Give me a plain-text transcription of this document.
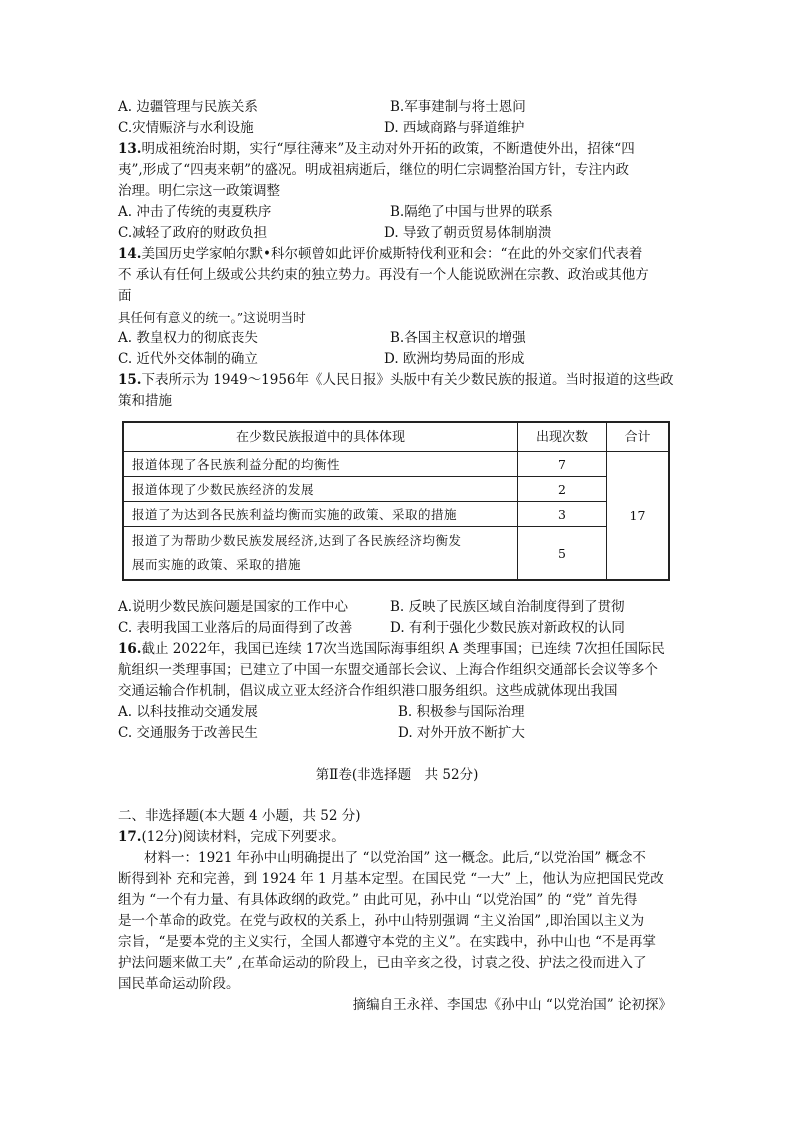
A. 边疆管理与民族关系	B.军事建制与将士恩问
C.灾情赈济与水利设施	D. 西域商路与驿道维护
13.明成祖统治时期，实行“厚往薄来”及主动对外开拓的政策，不断遣使外出，招徕“四
夷”,形成了“四夷来朝”的盛况。明成祖病逝后，继位的明仁宗调整治国方针，专注内政
治理。明仁宗这一政策调整
A. 冲击了传统的夷夏秩序	B.隔绝了中国与世界的联系
C.减轻了政府的财政负担	D. 导致了朝贡贸易体制崩溃
14.美国历史学家帕尔默•科尔顿曾如此评价威斯特伐利亚和会：“在此的外交家们代表着
不 承认有任何上级或公共约束的独立势力。再没有一个人能说欧洲在宗教、政治或其他方
面
具任何有意义的统一。”这说明当时
A. 教皇权力的彻底丧失	B.各国主权意识的增强
C. 近代外交体制的确立	D. 欧洲均势局面的形成
15.下表所示为 1949～1956年《人民日报》头版中有关少数民族的报道。当时报道的这些政
策和措施
在少数民族报道中的具体体现	出现次数	合计
报道体现了各民族利益分配的均衡性	7	17
报道体现了少数民族经济的发展	2	
报道了为达到各民族利益均衡而实施的政策、采取的措施	3	

报道了为帮助少数民族发展经济,达到了各民族经济均衡发
展而实施的政策、采取的措施	5	
A.说明少数民族问题是国家的工作中心	B. 反映了民族区域自治制度得到了贯彻
C. 表明我国工业落后的局面得到了改善	D. 有利于强化少数民族对新政权的认同
16.截止 2022年，我国已连续 17次当选国际海事组织 A 类理事国；已连续 7次担任国际民
航组织一类理事国；已建立了中国一东盟交通部长会议、上海合作组织交通部长会议等多个
交通运输合作机制，倡议成立亚太经济合作组织港口服务组织。这些成就体现出我国
A. 以科技推动交通发展	B. 积极参与国际治理
C. 交通服务于改善民生	D. 对外开放不断扩大
第Ⅱ卷(非选择题　共 52分)
二、非选择题(本大题 4 小题，共 52 分)
17.(12分)阅读材料，完成下列要求。
材料一：1921 年孙中山明确提出了 “以党治国” 这一概念。此后,“以党治国” 概念不
断得到补 充和完善，到 1924 年 1 月基本定型。在国民党 “一大” 上，他认为应把国民党改
组为 “一个有力量、有具体政纲的政党。” 由此可见，孙中山 “以党治国” 的 “党” 首先得
是一个革命的政党。在党与政权的关系上，孙中山特别强调 “主义治国” ,即治国以主义为
宗旨，“是要本党的主义实行，全国人都遵守本党的主义”。在实践中，孙中山也 “不是再掌
护法问题来做工夫” ,在革命运动的阶段上，已由辛亥之役，讨袁之役、护法之役而进入了
国民革命运动阶段。
摘编自王永祥、李国忠《孙中山 “以党治国” 论初探》
